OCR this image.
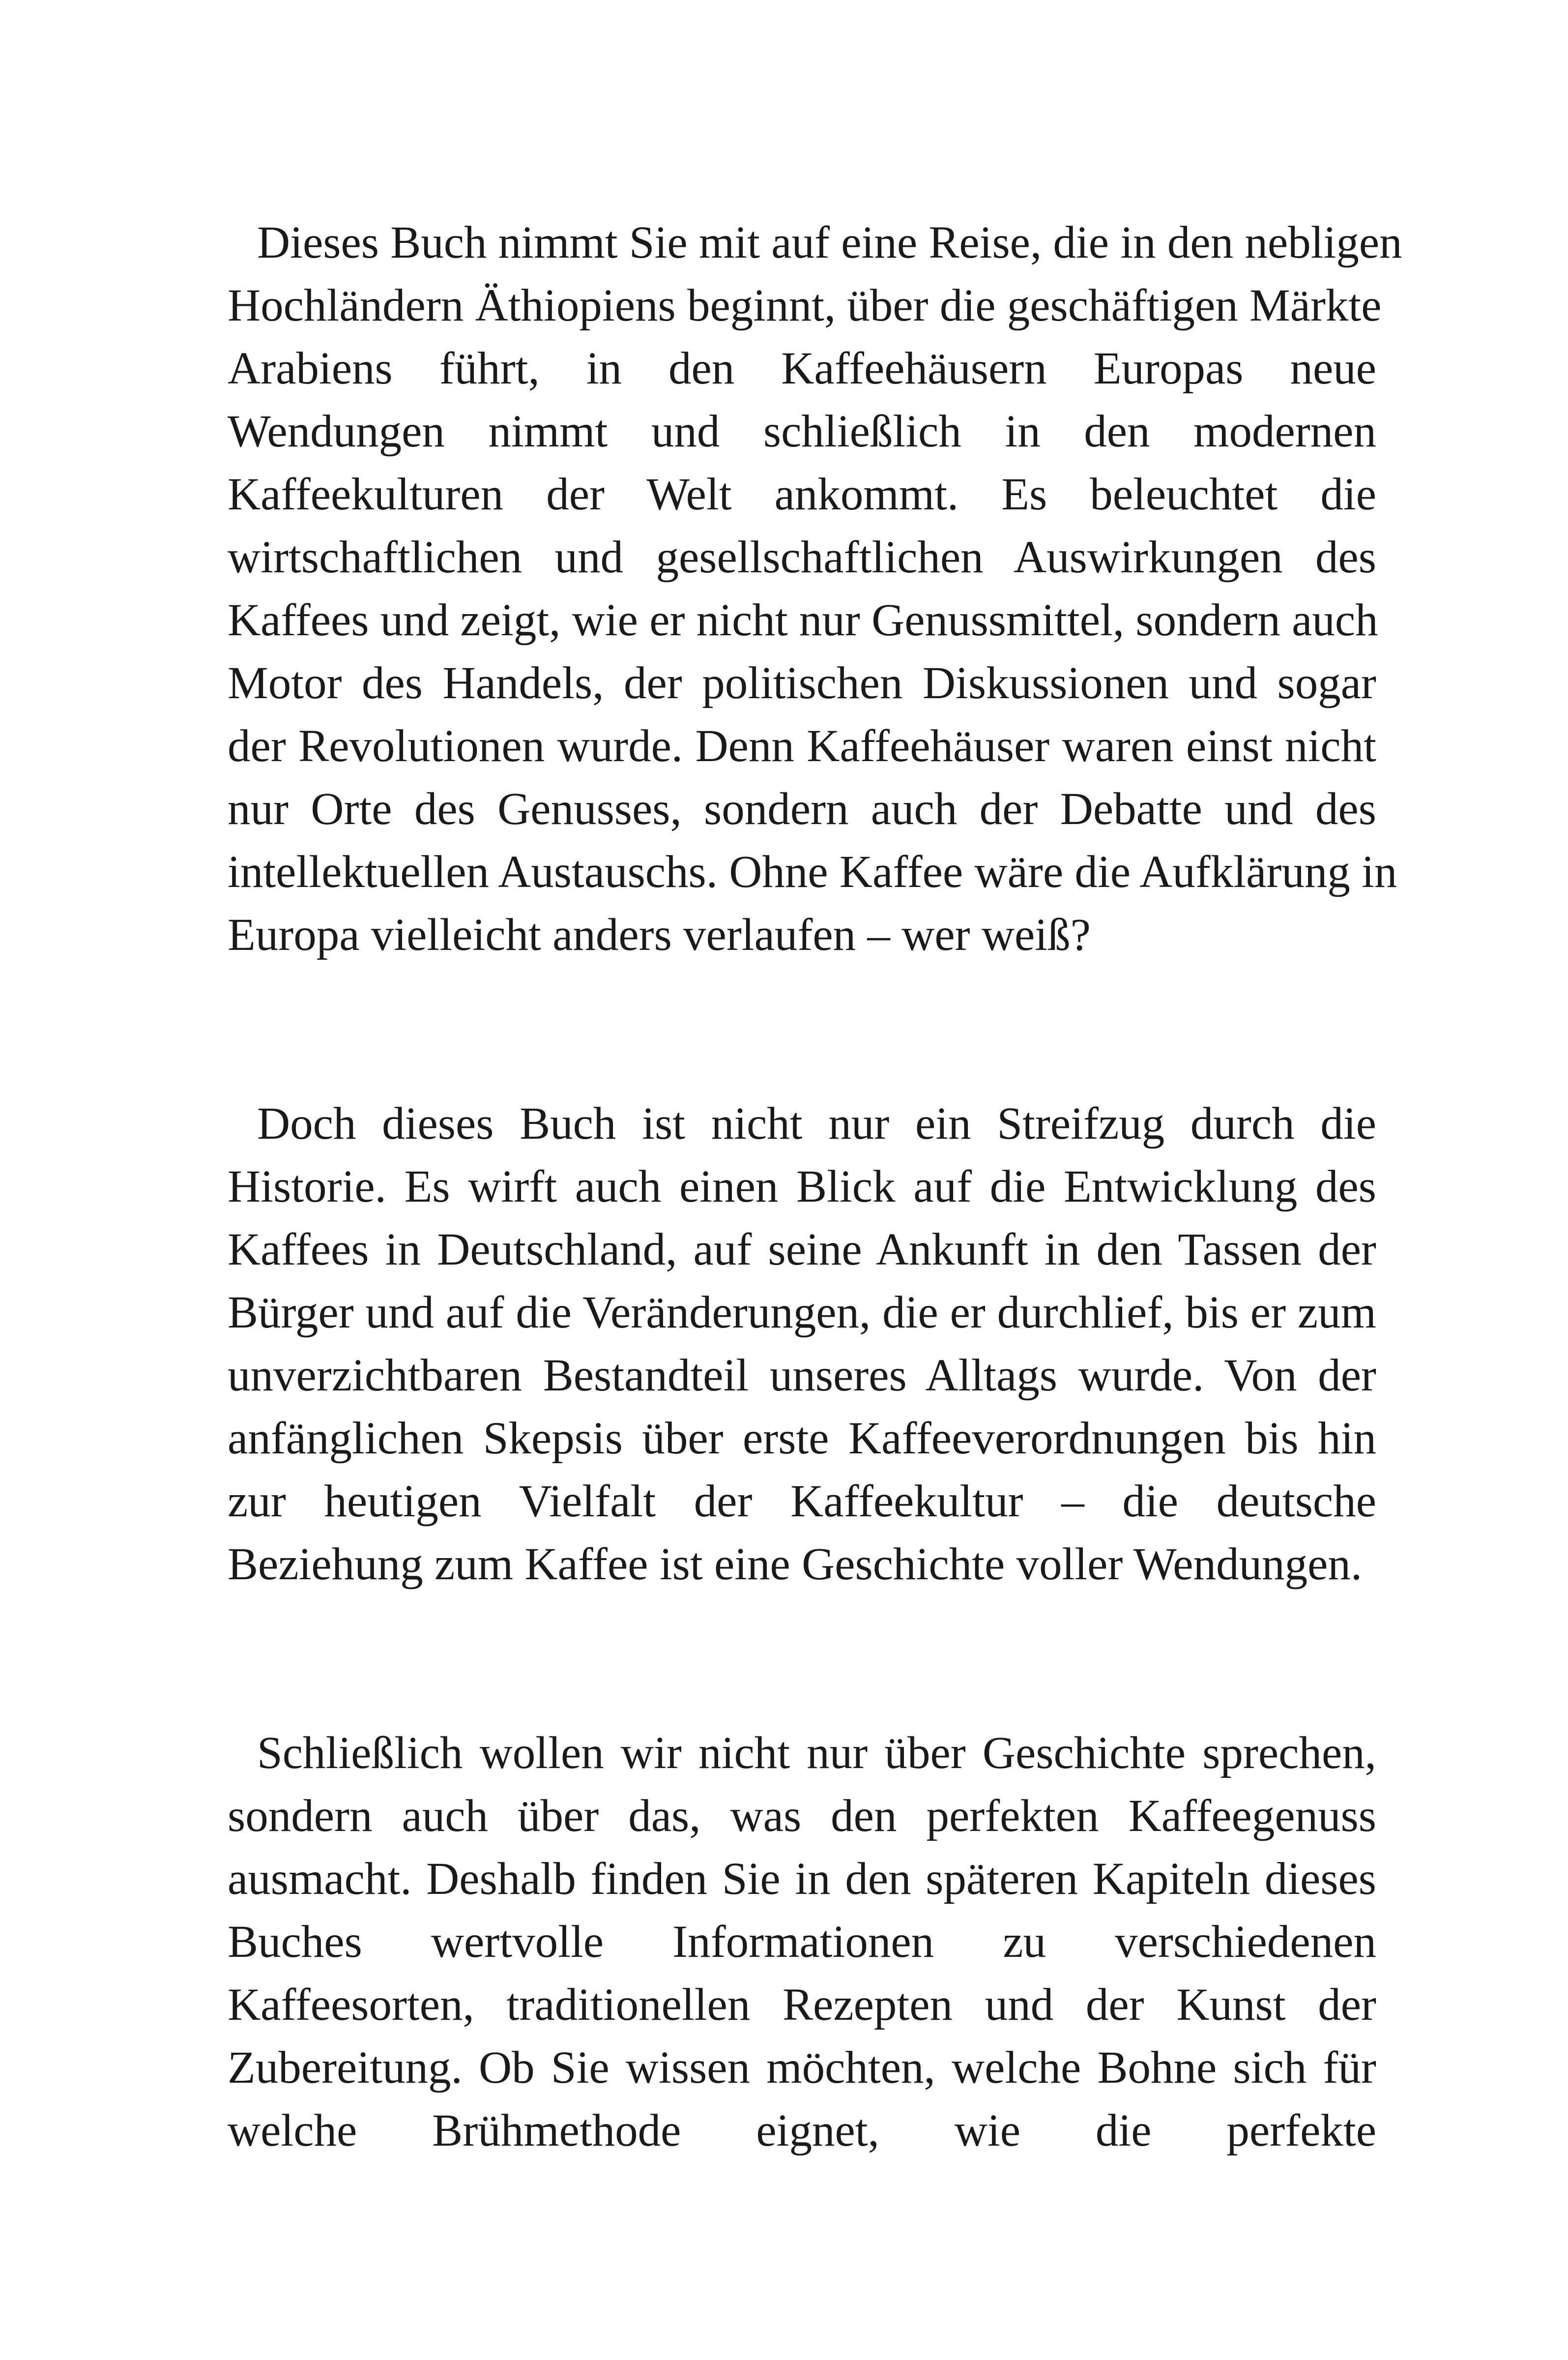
Dieses Buch nimmt Sie mit auf eine Reise, die in den nebligen
Hochländern Äthiopiens beginnt, über die geschäftigen Märkte
Arabiens führt, in den Kaffeehäusern Europas neue
Wendungen nimmt und schließlich in den modernen
Kaffeekulturen der Welt ankommt. Es beleuchtet die
wirtschaftlichen und gesellschaftlichen Auswirkungen des
Kaffees und zeigt, wie er nicht nur Genussmittel, sondern auch
Motor des Handels, der politischen Diskussionen und sogar
der Revolutionen wurde. Denn Kaffeehäuser waren einst nicht
nur Orte des Genusses, sondern auch der Debatte und des
intellektuellen Austauschs. Ohne Kaffee wäre die Aufklärung in
Europa vielleicht anders verlaufen – wer weiß?

Doch dieses Buch ist nicht nur ein Streifzug durch die
Historie. Es wirft auch einen Blick auf die Entwicklung des
Kaffees in Deutschland, auf seine Ankunft in den Tassen der
Bürger und auf die Veränderungen, die er durchlief, bis er zum
unverzichtbaren Bestandteil unseres Alltags wurde. Von der
anfänglichen Skepsis über erste Kaffeeverordnungen bis hin
zur heutigen Vielfalt der Kaffeekultur – die deutsche
Beziehung zum Kaffee ist eine Geschichte voller Wendungen.

Schließlich wollen wir nicht nur über Geschichte sprechen,
sondern auch über das, was den perfekten Kaffeegenuss
ausmacht. Deshalb finden Sie in den späteren Kapiteln dieses
Buches wertvolle Informationen zu verschiedenen
Kaffeesorten, traditionellen Rezepten und der Kunst der
Zubereitung. Ob Sie wissen möchten, welche Bohne sich für
welche Brühmethode eignet, wie die perfekte
